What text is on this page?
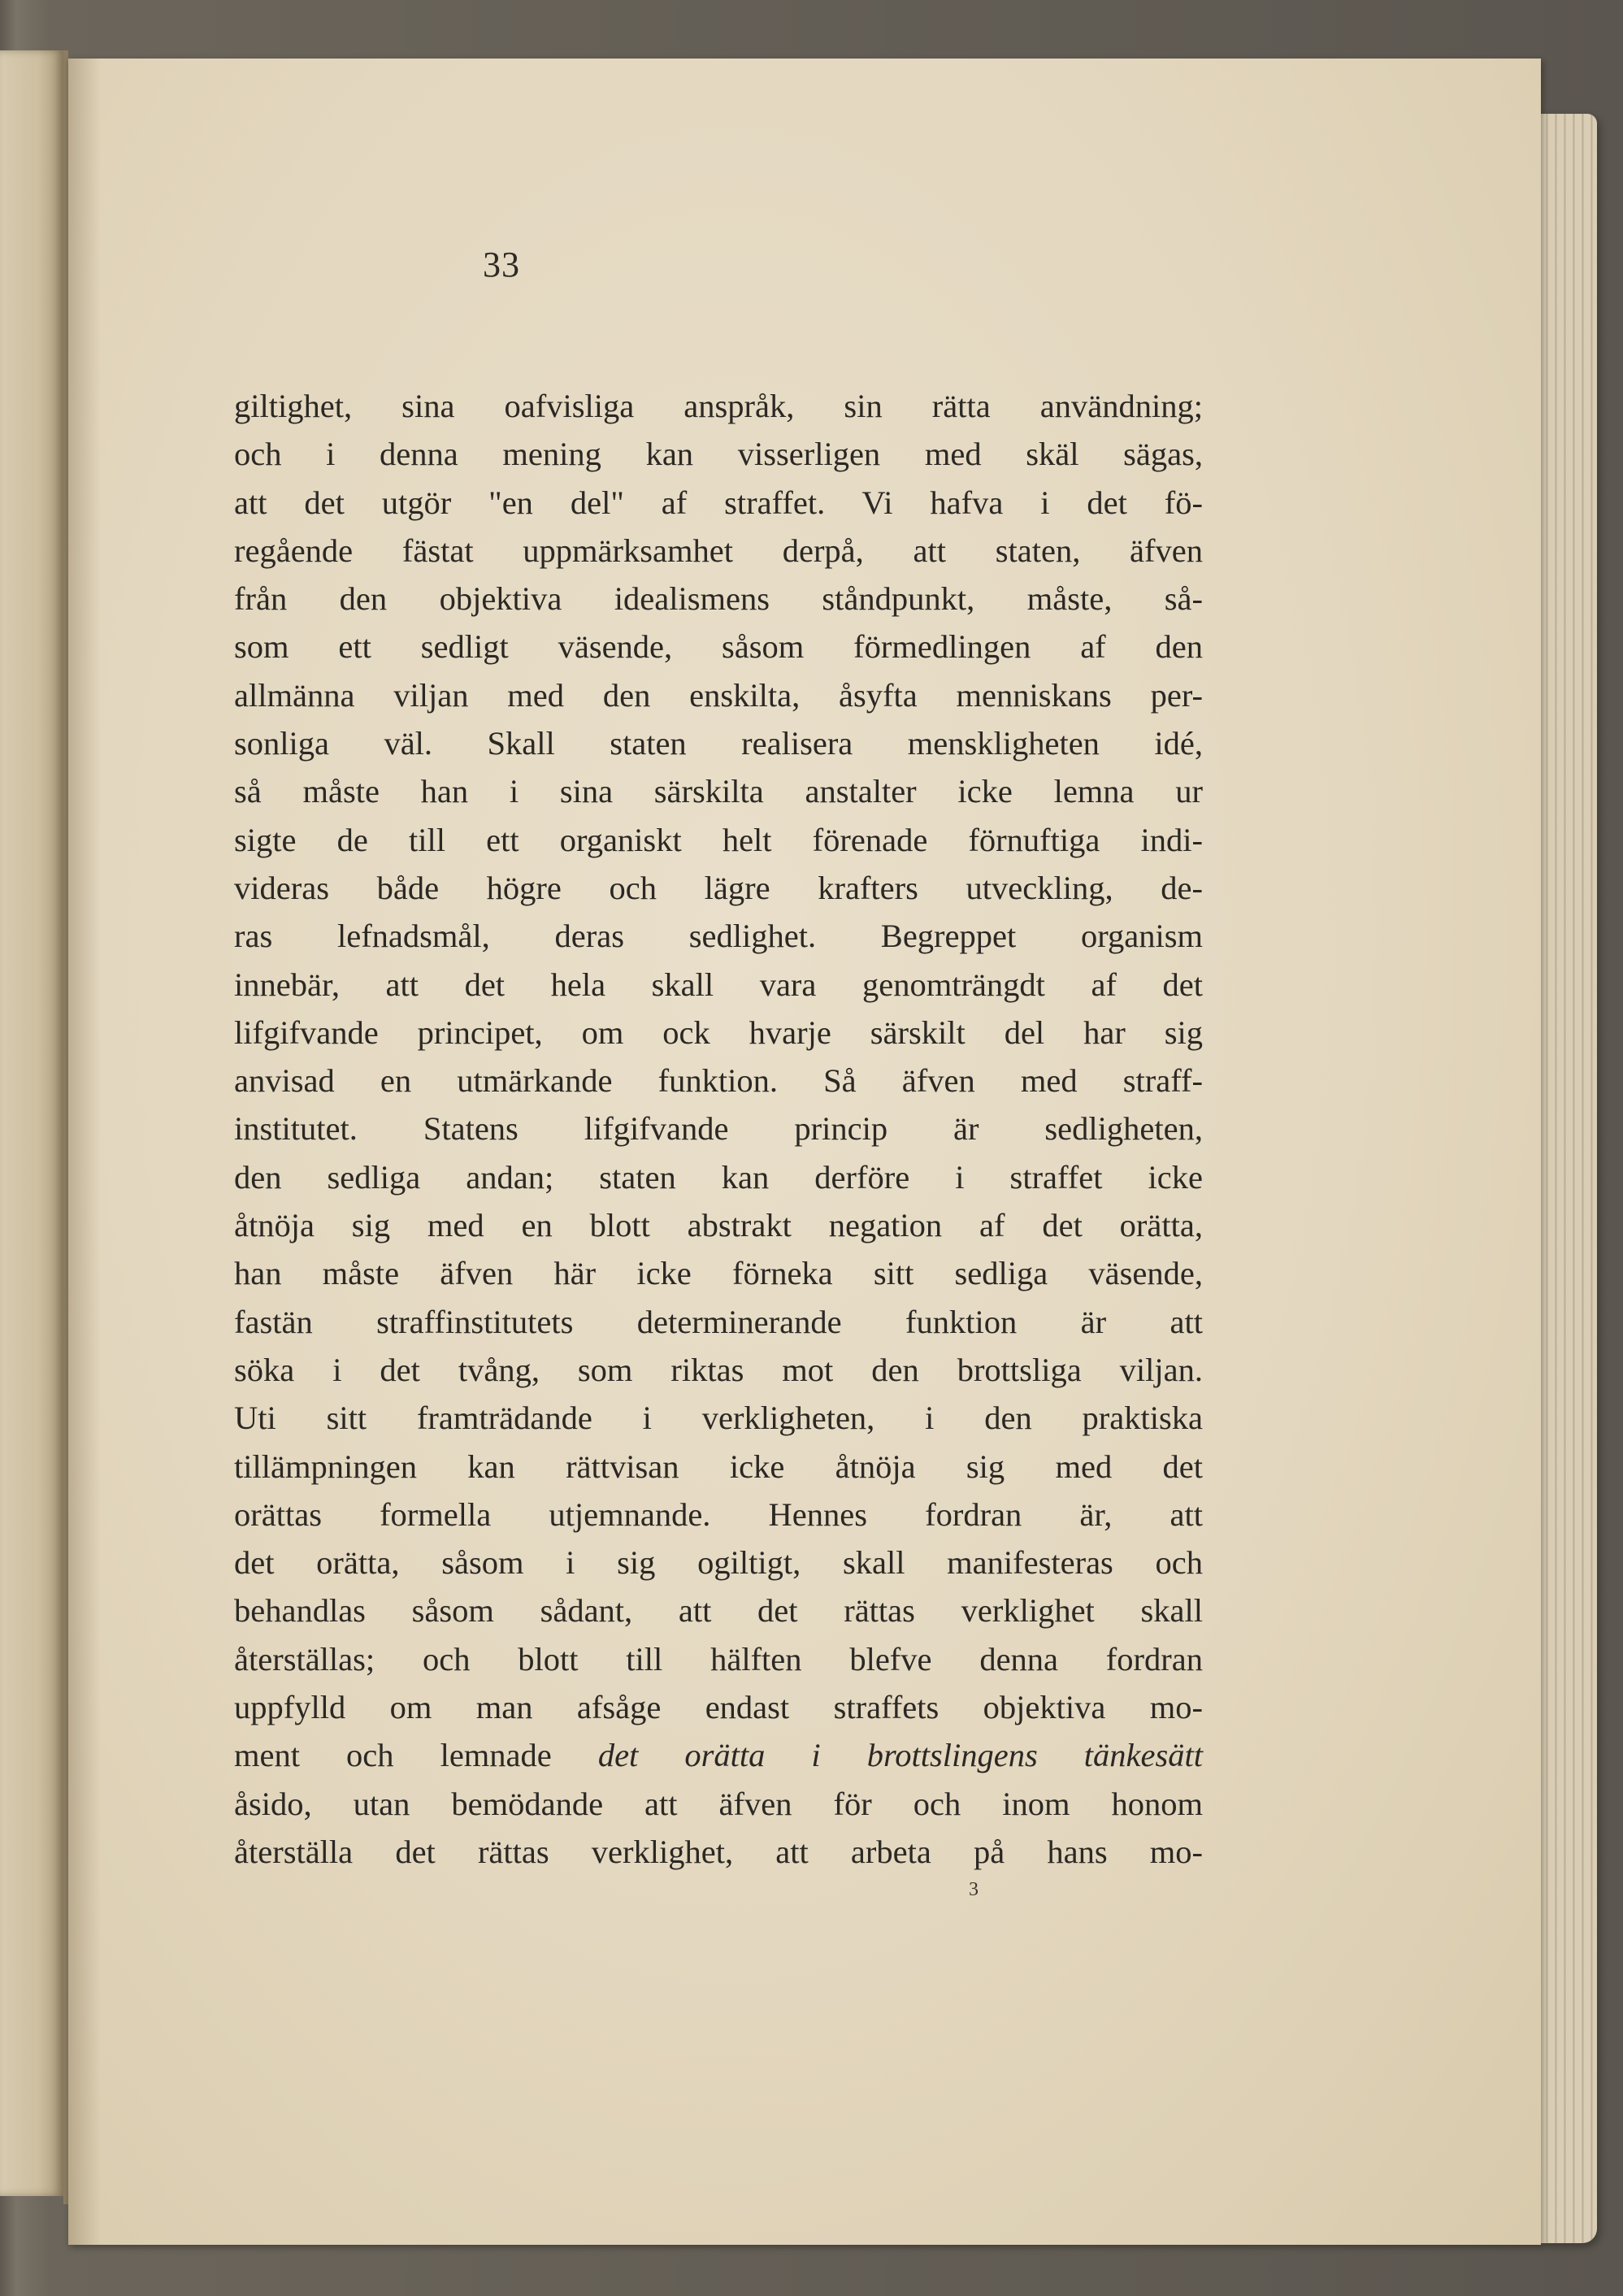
33
giltighet, sina oafvisliga anspråk, sin rätta användning;
och i denna mening kan visserligen med skäl sägas,
att det utgör "en del" af straffet. Vi hafva i det fö-
regående fästat uppmärksamhet derpå, att staten, äfven
från den objektiva idealismens ståndpunkt, måste, så-
som ett sedligt väsende, såsom förmedlingen af den
allmänna viljan med den enskilta, åsyfta menniskans per-
sonliga väl. Skall staten realisera menskligheten idé,
så måste han i sina särskilta anstalter icke lemna ur
sigte de till ett organiskt helt förenade förnuftiga indi-
videras både högre och lägre krafters utveckling, de-
ras lefnadsmål, deras sedlighet. Begreppet organism
innebär, att det hela skall vara genomträngdt af det
lifgifvande principet, om ock hvarje särskilt del har sig
anvisad en utmärkande funktion. Så äfven med straff-
institutet. Statens lifgifvande princip är sedligheten,
den sedliga andan; staten kan derföre i straffet icke
åtnöja sig med en blott abstrakt negation af det orätta,
han måste äfven här icke förneka sitt sedliga väsende,
fastän straffinstitutets determinerande funktion är att
söka i det tvång, som riktas mot den brottsliga viljan.
Uti sitt framträdande i verkligheten, i den praktiska
tillämpningen kan rättvisan icke åtnöja sig med det
orättas formella utjemnande. Hennes fordran är, att
det orätta, såsom i sig ogiltigt, skall manifesteras och
behandlas såsom sådant, att det rättas verklighet skall
återställas; och blott till hälften blefve denna fordran
uppfylld om man afsåge endast straffets objektiva mo-
ment och lemnade det orätta i brottslingens tänkesätt
åsido, utan bemödande att äfven för och inom honom
återställa det rättas verklighet, att arbeta på hans mo-
3
